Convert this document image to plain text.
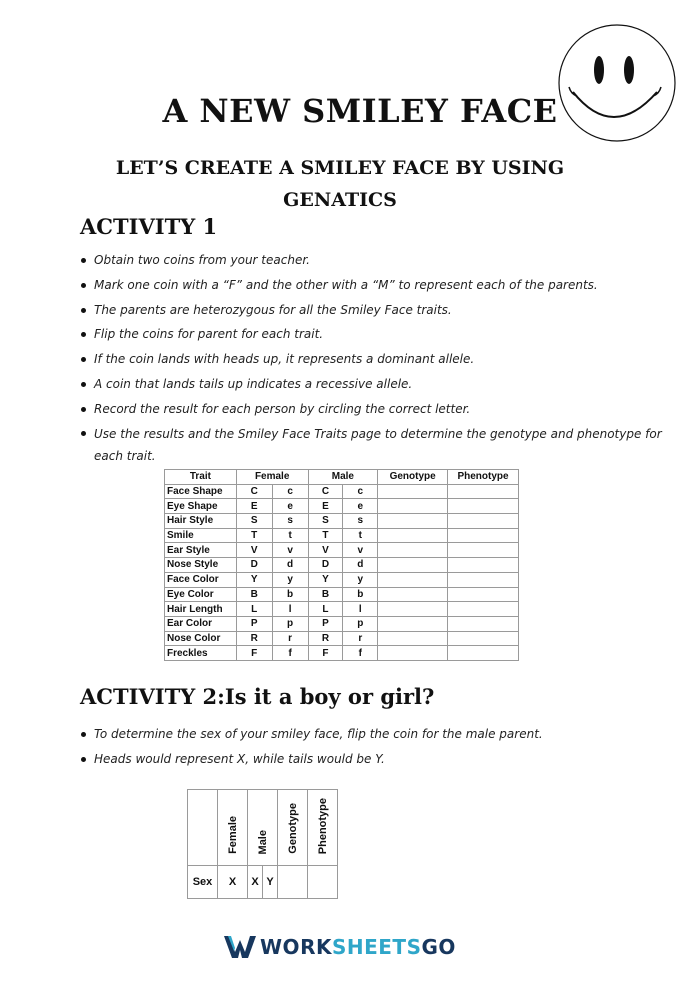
A NEW SMILEY FACE
LET’S CREATE A SMILEY FACE BY USING GENATICS
ACTIVITY 1
Obtain two coins from your teacher.
Mark one coin with a “F” and the other with a “M” to represent each of the parents.
The parents are heterozygous for all the Smiley Face traits.
Flip the coins for parent for each trait.
If the coin lands with heads up, it represents a dominant allele.
A coin that lands tails up indicates a recessive allele.
Record the result for each person by circling the correct letter.
Use the results and the Smiley Face Traits page to determine the genotype and phenotype for each trait.
Trait	Female		Male		Genotype	Phenotype
Face Shape	C	c	C	c		
Eye Shape	E	e	E	e		
Hair Style	S	s	S	s		
Smile	T	t	T	t		
Ear Style	V	v	V	v		
Nose Style	D	d	D	d		
Face Color	Y	y	Y	y		
Eye Color	B	b	B	b		
Hair Length	L	l	L	l		
Ear Color	P	p	P	p		
Nose Color	R	r	R	r		
Freckles	F	f	F	f		
ACTIVITY 2:Is it a boy or girl?
To determine the sex of your smiley face, flip the coin for the male parent.
Heads would represent X, while tails would be Y.
	Female	Male		Genotype	Phenotype
Sex	X	X	Y		
WORKSHEETSGO
